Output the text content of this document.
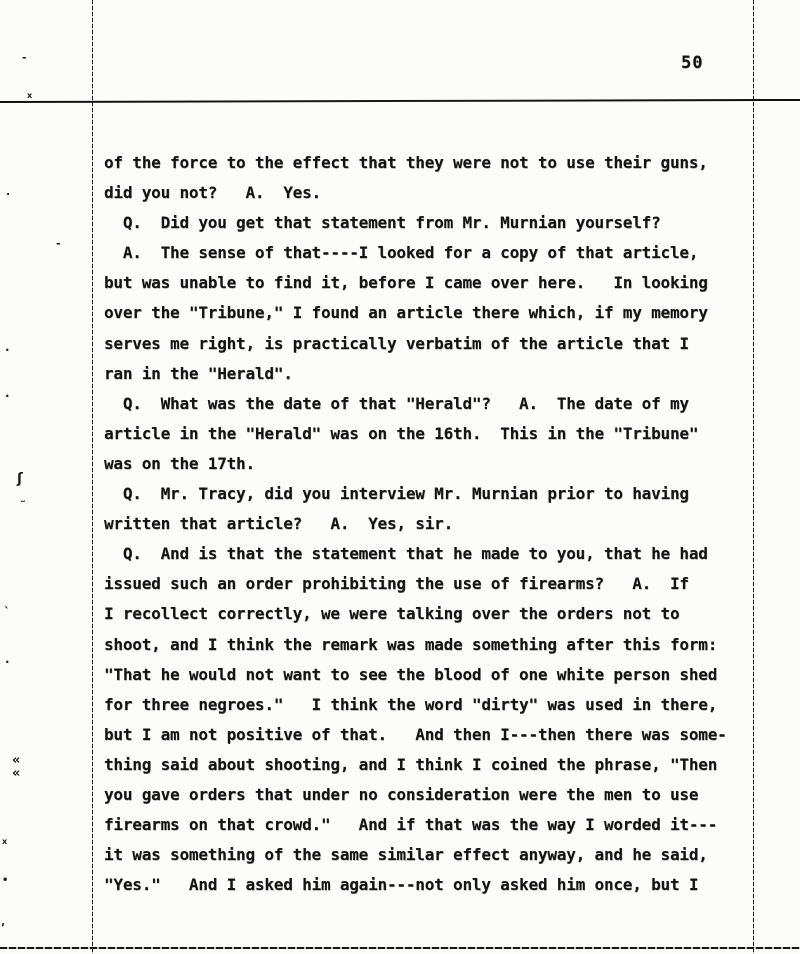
50
of the force to the effect that they were not to use their guns,
did you not?   A.  Yes.
Q.  Did you get that statement from Mr. Murnian yourself?
A.  The sense of that----I looked for a copy of that article,
but was unable to find it, before I came over here.   In looking
over the "Tribune," I found an article there which, if my memory
serves me right, is practically verbatim of the article that I
ran in the "Herald".
Q.  What was the date of that "Herald"?   A.  The date of my
article in the "Herald" was on the 16th.  This in the "Tribune"
was on the 17th.
Q.  Mr. Tracy, did you interview Mr. Murnian prior to having
written that article?   A.  Yes, sir.
Q.  And is that the statement that he made to you, that he had
issued such an order prohibiting the use of firearms?   A.  If
I recollect correctly, we were talking over the orders not to
shoot, and I think the remark was made something after this form:
"That he would not want to see the blood of one white person shed
for three negroes."   I think the word "dirty" was used in there,
but I am not positive of that.   And then I---then there was some-
thing said about shooting, and I think I coined the phrase, "Then
you gave orders that under no consideration were the men to use
firearms on that crowd."   And if that was the way I worded it---
it was something of the same similar effect anyway, and he said,
"Yes."   And I asked him again---not only asked him once, but I
-
x
.
-
·
·
ʃ
˜
`
·
«
«
x
•
ʼ
